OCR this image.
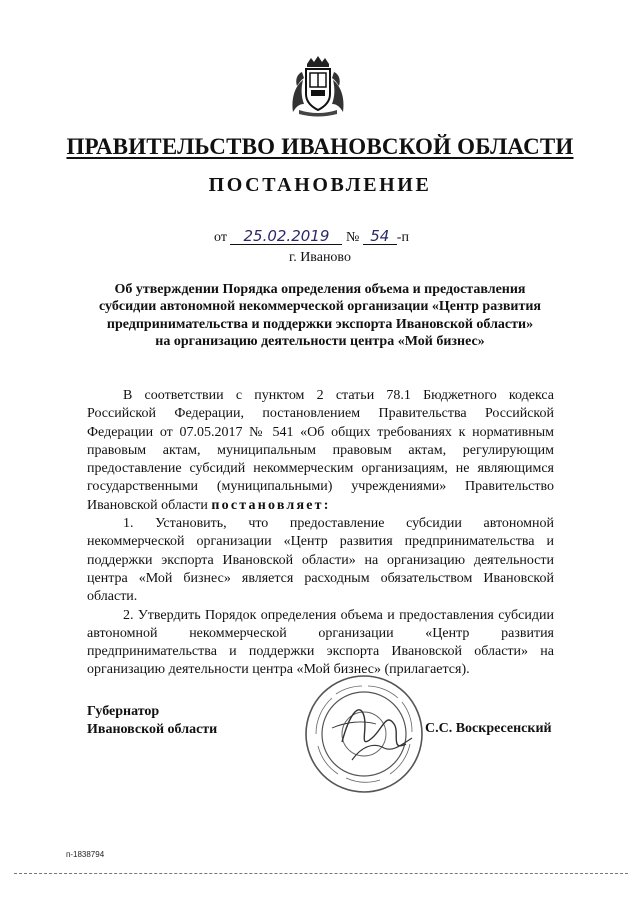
ПРАВИТЕЛЬСТВО ИВАНОВСКОЙ ОБЛАСТИ
ПОСТАНОВЛЕНИЕ
от 25.02.2019 № 54 -п
г. Иваново

Об утверждении Порядка определения объема и предоставления

субсидии автономной некоммерческой организации «Центр развития

предпринимательства и поддержки экспорта Ивановской области»

на организацию деятельности центра «Мой бизнес»

В соответствии с пунктом 2 статьи 78.1 Бюджетного кодекса Российской Федерации, постановлением Правительства Российской Федерации от 07.05.2017 № 541 «Об общих требованиях к нормативным правовым актам, муниципальным правовым актам, регулирующим предоставление субсидий некоммерческим организациям, не являющимся государственными (муниципальными) учреждениями» Правительство Ивановской области постановляет:

1. Установить, что предоставление субсидии автономной некоммерческой организации «Центр развития предпринимательства и поддержки экспорта Ивановской области» на организацию деятельности центра «Мой бизнес» является расходным обязательством Ивановской области.

2. Утвердить Порядок определения объема и предоставления субсидии автономной некоммерческой организации «Центр развития предпринимательства и поддержки экспорта Ивановской области» на организацию деятельности центра «Мой бизнес» (прилагается).

Губернатор

Ивановской области	С.С. Воскресенский
п-1838794
